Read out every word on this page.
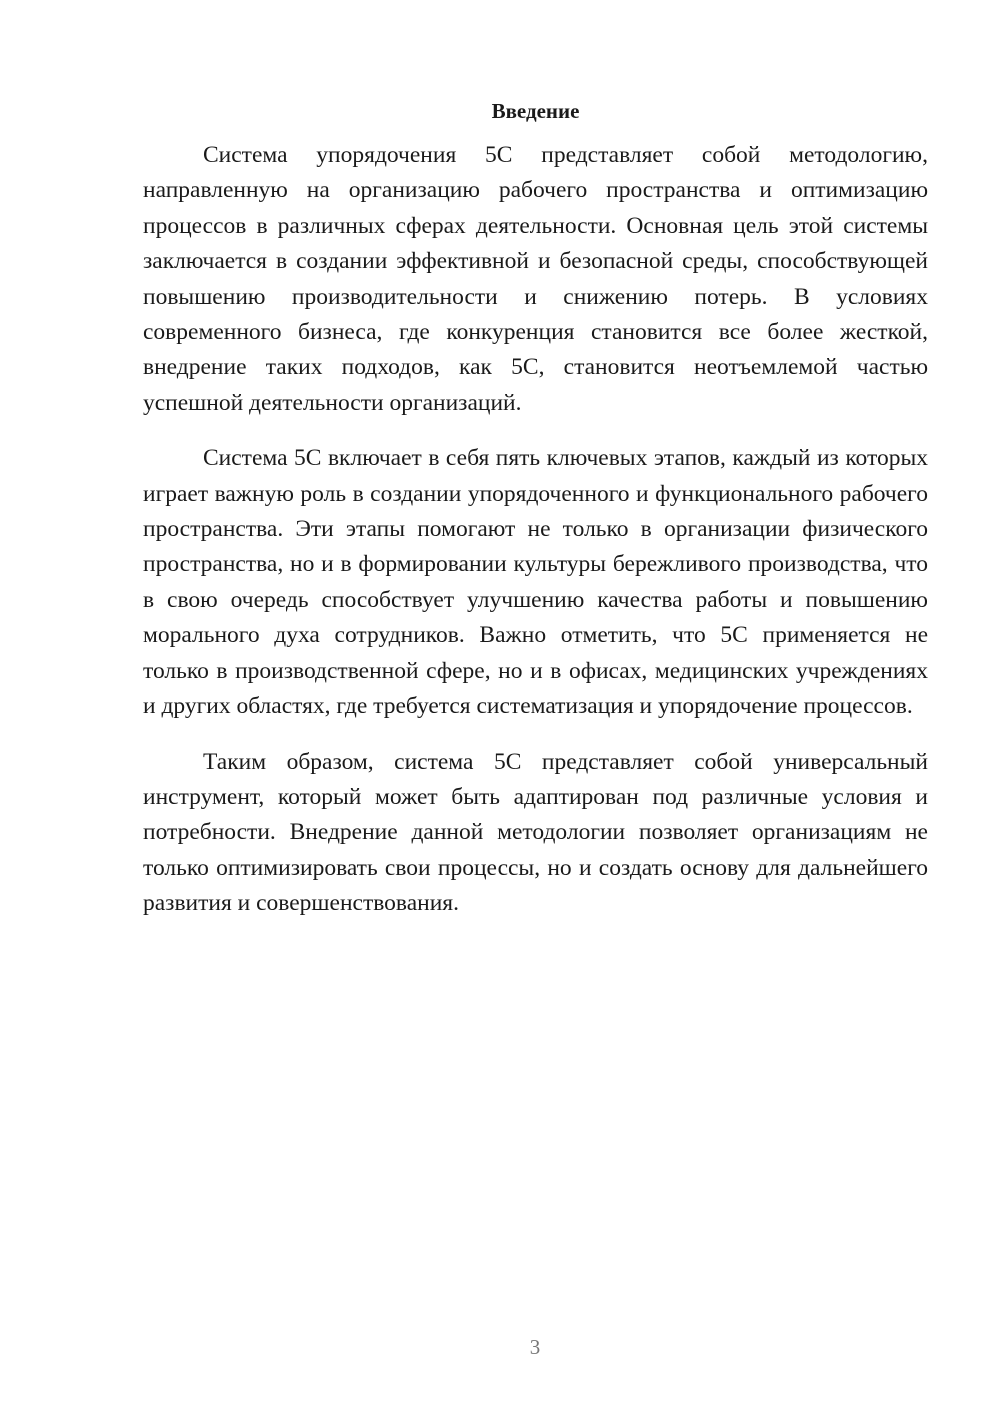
Введение

Система упорядочения 5С представляет собой методологию, направленную на организацию рабочего пространства и оптимизацию процессов в различных сферах деятельности. Основная цель этой системы заключается в создании эффективной и безопасной среды, способствующей повышению производительности и снижению потерь. В условиях современного бизнеса, где конкуренция становится все более жесткой, внедрение таких подходов, как 5С, становится неотъемлемой частью успешной деятельности организаций.

Система 5С включает в себя пять ключевых этапов, каждый из которых играет важную роль в создании упорядоченного и функционального рабочего пространства. Эти этапы помогают не только в организации физического пространства, но и в формировании культуры бережливого производства, что в свою очередь способствует улучшению качества работы и повышению морального духа сотрудников. Важно отметить, что 5С применяется не только в производственной сфере, но и в офисах, медицинских учреждениях и других областях, где требуется систематизация и упорядочение процессов.

Таким образом, система 5С представляет собой универсальный инструмент, который может быть адаптирован под различные условия и потребности. Внедрение данной методологии позволяет организациям не только оптимизировать свои процессы, но и создать основу для дальнейшего развития и совершенствования.

3
